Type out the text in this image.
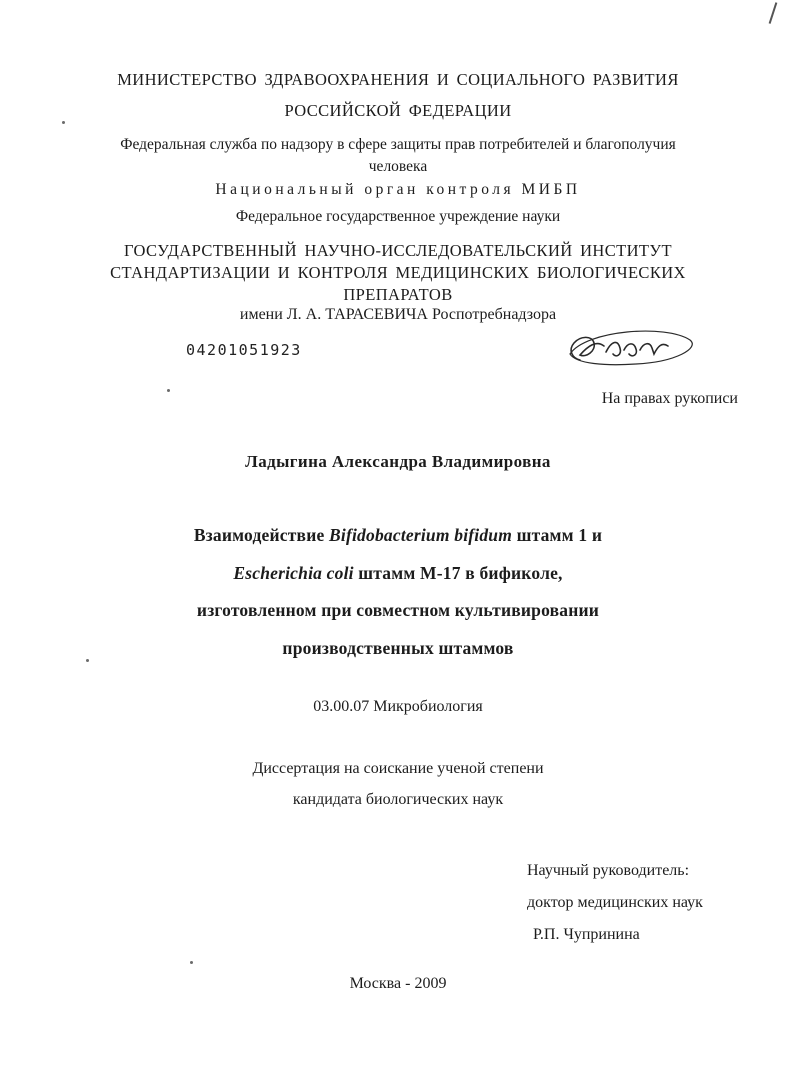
МИНИСТЕРСТВО ЗДРАВООХРАНЕНИЯ И СОЦИАЛЬНОГО РАЗВИТИЯ
РОССИЙСКОЙ ФЕДЕРАЦИИ
Федеральная служба по надзору в сфере защиты прав потребителей и благополучия
человека
Национальный орган контроля МИБП
Федеральное государственное учреждение науки
ГОСУДАРСТВЕННЫЙ НАУЧНО-ИССЛЕДОВАТЕЛЬСКИЙ ИНСТИТУТ
СТАНДАРТИЗАЦИИ И КОНТРОЛЯ МЕДИЦИНСКИХ БИОЛОГИЧЕСКИХ
ПРЕПАРАТОВ
имени Л. А. ТАРАСЕВИЧА Роспотребнадзора
04201051923
На правах рукописи
Ладыгина Александра Владимировна
Взаимодействие Bifidobacterium bifidum штамм 1 и
Escherichia coli штамм М-17 в бификоле,
изготовленном при совместном культивировании
производственных штаммов
03.00.07 Микробиология
Диссертация на соискание ученой степени
кандидата биологических наук
Научный руководитель:
доктор медицинских наук
Р.П. Чупринина
Москва - 2009
